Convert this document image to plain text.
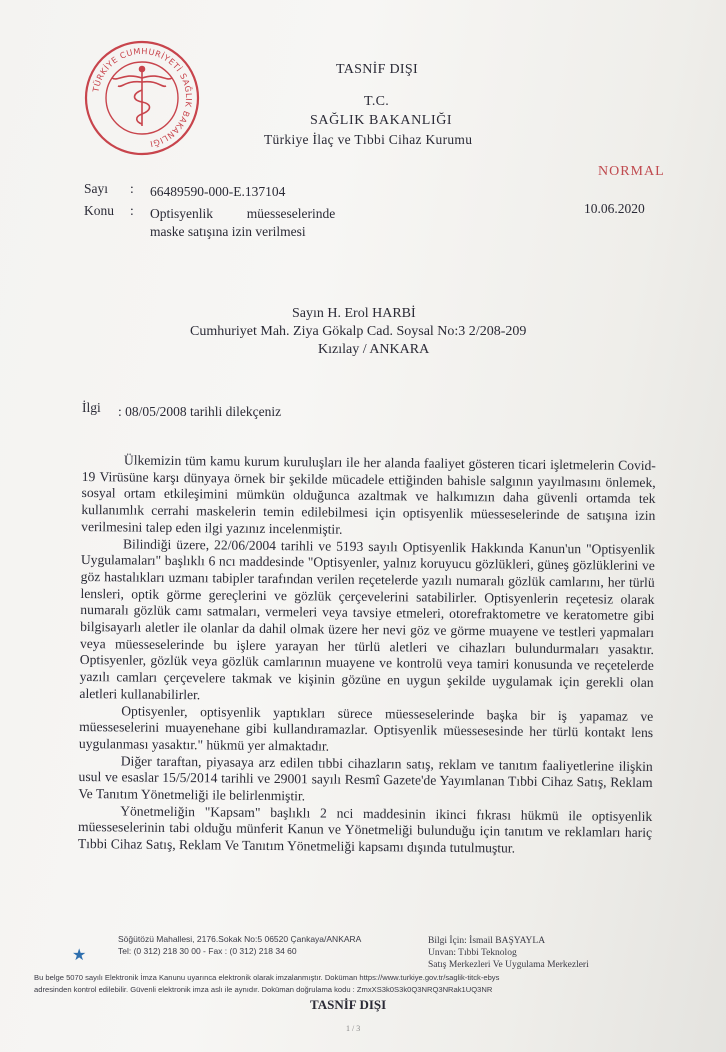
TÜRKİYE CUMHURİYETİ SAĞLIK BAKANLIĞI
TASNİF DIŞI
T.C.
SAĞLIK BAKANLIĞI
Türkiye İlaç ve Tıbbi Cihaz Kurumu
NORMAL
10.06.2020
Sayı : 66489590-000-E.137104
Konu : Optisyenlik          müesseselerinde
maske satışına izin verilmesi
Sayın H. Erol HARBİ
Cumhuriyet Mah. Ziya Gökalp Cad. Soysal No:3 2/208-209
Kızılay / ANKARA
İlgi : 08/05/2008 tarihli dilekçeniz

Ülkemizin tüm kamu kurum kuruluşları ile her alanda faaliyet gösteren ticari işletmelerin Covid- 19 Virüsüne karşı dünyaya örnek bir şekilde mücadele ettiğinden bahisle salgının yayılmasını önlemek, sosyal ortam etkileşimini mümkün olduğunca azaltmak ve halkımızın daha güvenli ortamda tek kullanımlık cerrahi maskelerin temin edilebilmesi için optisyenlik müesseselerinde de satışına izin verilmesini talep eden ilgi yazınız incelenmiştir.

Bilindiği üzere, 22/06/2004 tarihli ve 5193 sayılı Optisyenlik Hakkında Kanun'un "Optisyenlik Uygulamaları" başlıklı 6 ncı maddesinde "Optisyenler, yalnız koruyucu gözlükleri, güneş gözlüklerini ve göz hastalıkları uzmanı tabipler tarafından verilen reçetelerde yazılı numaralı gözlük camlarını, her türlü lensleri, optik görme gereçlerini ve gözlük çerçevelerini satabilirler. Optisyenlerin reçetesiz olarak numaralı gözlük camı satmaları, vermeleri veya tavsiye etmeleri, otorefraktometre ve keratometre gibi bilgisayarlı aletler ile olanlar da dahil olmak üzere her nevi göz ve görme muayene ve testleri yapmaları veya müesseselerinde bu işlere yarayan her türlü aletleri ve cihazları bulundurmaları yasaktır. Optisyenler, gözlük veya gözlük camlarının muayene ve kontrolü veya tamiri konusunda ve reçetelerde yazılı camları çerçevelere takmak ve kişinin gözüne en uygun şekilde uygulamak için gerekli olan aletleri kullanabilirler.

Optisyenler, optisyenlik yaptıkları sürece müesseselerinde başka bir iş yapamaz ve müesseselerini muayenehane gibi kullandıramazlar. Optisyenlik müessesesinde her türlü kontakt lens uygulanması yasaktır." hükmü yer almaktadır.

Diğer taraftan, piyasaya arz edilen tıbbi cihazların satış, reklam ve tanıtım faaliyetlerine ilişkin usul ve esaslar 15/5/2014 tarihli ve 29001 sayılı Resmî Gazete'de Yayımlanan Tıbbi Cihaz Satış, Reklam Ve Tanıtım Yönetmeliği ile belirlenmiştir.

Yönetmeliğin "Kapsam" başlıklı 2 nci maddesinin ikinci fıkrası hükmü ile optisyenlik müesseselerinin tabi olduğu münferit Kanun ve Yönetmeliği bulunduğu için tanıtım ve reklamları hariç Tıbbi Cihaz Satış, Reklam Ve Tanıtım Yönetmeliği kapsamı dışında tutulmuştur.

★
Söğütözü Mahallesi, 2176.Sokak No:5 06520 Çankaya/ANKARA
Tel: (0 312) 218 30 00 - Fax : (0 312) 218 34 60
Bilgi İçin: İsmail BAŞYAYLA
Unvan: Tıbbi Teknolog
Satış Merkezleri Ve Uygulama Merkezleri
Bu belge 5070 sayılı Elektronik İmza Kanunu uyarınca elektronik olarak imzalanmıştır. Doküman https://www.turkiye.gov.tr/saglik-titck-ebys
adresinden kontrol edilebilir. Güvenli elektronik imza aslı ile aynıdır. Doküman doğrulama kodu : ZmxXS3k0S3k0Q3NRQ3NRak1UQ3NR
TASNİF DIŞI
1 / 3
